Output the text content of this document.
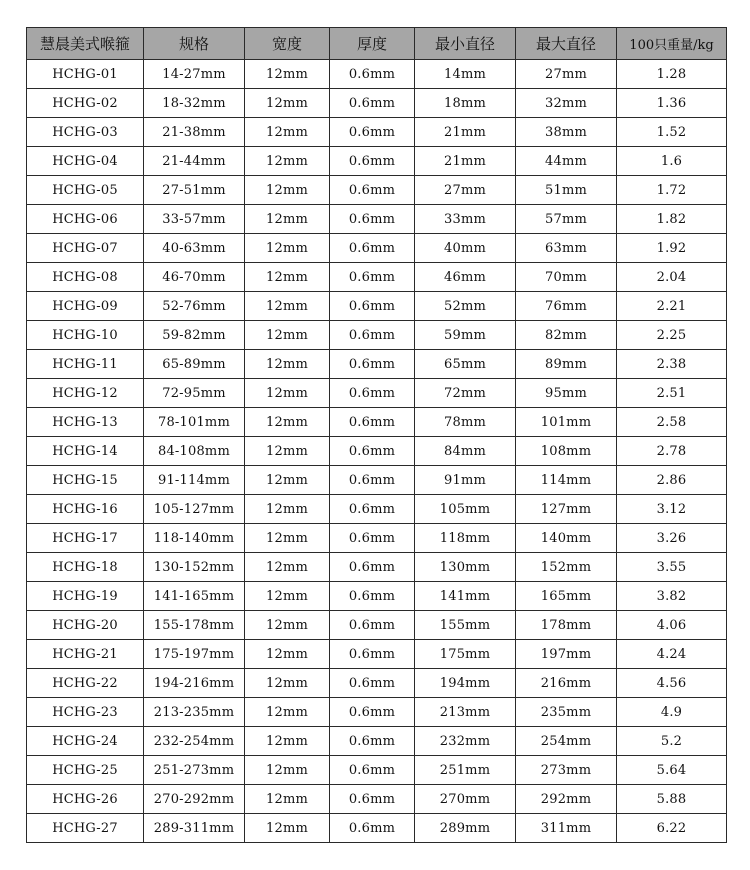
慧晨美式喉箍	规格	宽度	厚度	最小直径	最大直径	100只重量/kg
HCHG-01	14-27mm	12mm	0.6mm	14mm	27mm	1.28
HCHG-02	18-32mm	12mm	0.6mm	18mm	32mm	1.36
HCHG-03	21-38mm	12mm	0.6mm	21mm	38mm	1.52
HCHG-04	21-44mm	12mm	0.6mm	21mm	44mm	1.6
HCHG-05	27-51mm	12mm	0.6mm	27mm	51mm	1.72
HCHG-06	33-57mm	12mm	0.6mm	33mm	57mm	1.82
HCHG-07	40-63mm	12mm	0.6mm	40mm	63mm	1.92
HCHG-08	46-70mm	12mm	0.6mm	46mm	70mm	2.04
HCHG-09	52-76mm	12mm	0.6mm	52mm	76mm	2.21
HCHG-10	59-82mm	12mm	0.6mm	59mm	82mm	2.25
HCHG-11	65-89mm	12mm	0.6mm	65mm	89mm	2.38
HCHG-12	72-95mm	12mm	0.6mm	72mm	95mm	2.51
HCHG-13	78-101mm	12mm	0.6mm	78mm	101mm	2.58
HCHG-14	84-108mm	12mm	0.6mm	84mm	108mm	2.78
HCHG-15	91-114mm	12mm	0.6mm	91mm	114mm	2.86
HCHG-16	105-127mm	12mm	0.6mm	105mm	127mm	3.12
HCHG-17	118-140mm	12mm	0.6mm	118mm	140mm	3.26
HCHG-18	130-152mm	12mm	0.6mm	130mm	152mm	3.55
HCHG-19	141-165mm	12mm	0.6mm	141mm	165mm	3.82
HCHG-20	155-178mm	12mm	0.6mm	155mm	178mm	4.06
HCHG-21	175-197mm	12mm	0.6mm	175mm	197mm	4.24
HCHG-22	194-216mm	12mm	0.6mm	194mm	216mm	4.56
HCHG-23	213-235mm	12mm	0.6mm	213mm	235mm	4.9
HCHG-24	232-254mm	12mm	0.6mm	232mm	254mm	5.2
HCHG-25	251-273mm	12mm	0.6mm	251mm	273mm	5.64
HCHG-26	270-292mm	12mm	0.6mm	270mm	292mm	5.88
HCHG-27	289-311mm	12mm	0.6mm	289mm	311mm	6.22
